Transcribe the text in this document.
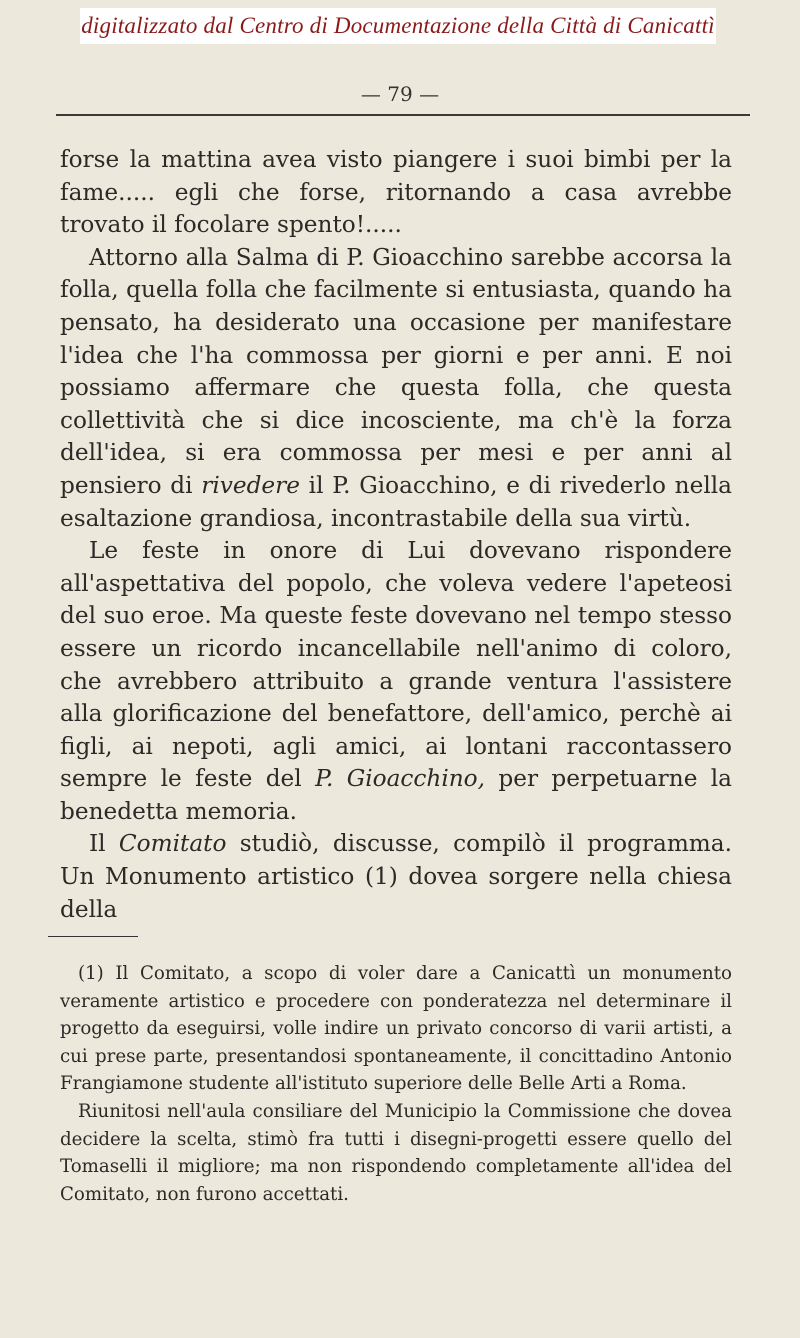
digitalizzato dal Centro di Documentazione della Città di Canicattì
— 79 —

forse la mattina avea visto piangere i suoi bimbi per la fame..... egli che forse, ritornando a casa avrebbe trovato il focolare spento!.....

Attorno alla Salma di P. Gioacchino sarebbe accorsa la folla, quella folla che facilmente si entusiasta, quando ha pensato, ha desiderato una occasione per manifestare l'idea che l'ha commossa per giorni e per anni. E noi possiamo affermare che questa folla, che questa collettività che si dice incosciente, ma ch'è la forza dell'idea, si era commossa per mesi e per anni al pensiero di rivedere il P. Gioacchino, e di rivederlo nella esaltazione grandiosa, incontrastabile della sua virtù.

Le feste in onore di Lui dovevano rispondere all'aspettativa del popolo, che voleva vedere l'apeteosi del suo eroe. Ma queste feste dovevano nel tempo stesso essere un ricordo incancellabile nell'animo di coloro, che avrebbero attribuito a grande ventura l'assistere alla glorificazione del benefattore, dell'amico, perchè ai figli, ai nepoti, agli amici, ai lontani raccontassero sempre le feste del P. Gioacchino, per perpetuarne la benedetta memoria.

Il Comitato studiò, discusse, compilò il programma. Un Monumento artistico (1) dovea sorgere nella chiesa della

(1) Il Comitato, a scopo di voler dare a Canicattì un monumento veramente artistico e procedere con ponderatezza nel determinare il progetto da eseguirsi, volle indire un privato concorso di varii artisti, a cui prese parte, presentandosi spontaneamente, il concittadino Antonio Frangiamone studente all'istituto superiore delle Belle Arti a Roma.

Riunitosi nell'aula consiliare del Municipio la Commissione che dovea decidere la scelta, stimò fra tutti i disegni-progetti essere quello del Tomaselli il migliore; ma non rispondendo completamente all'idea del Comitato, non furono accettati.
